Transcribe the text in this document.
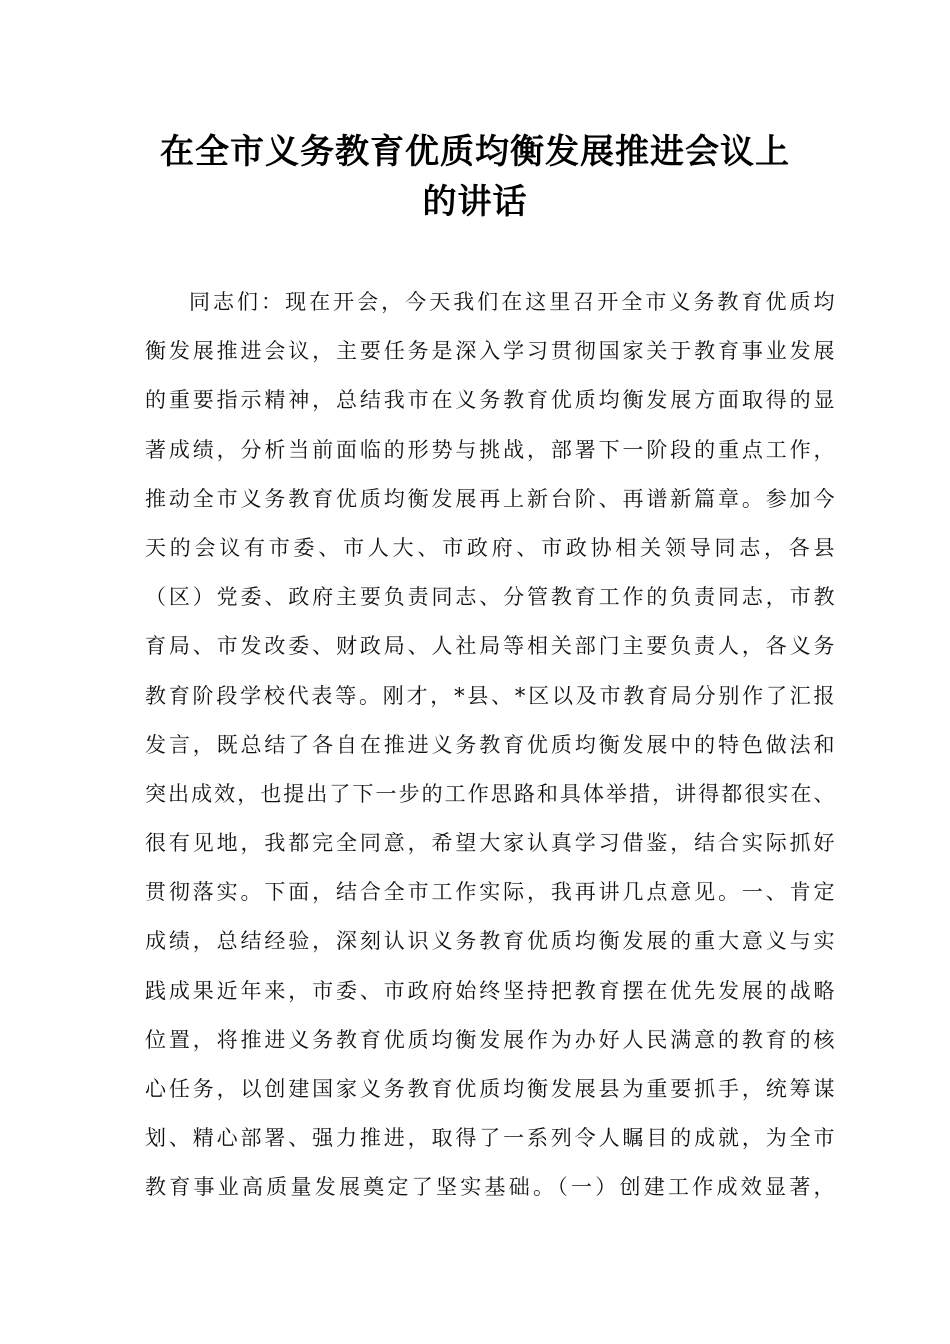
在全市义务教育优质均衡发展推进会议上
的讲话
同志们：现在开会，今天我们在这里召开全市义务教育优质均
衡发展推进会议，主要任务是深入学习贯彻国家关于教育事业发展
的重要指示精神，总结我市在义务教育优质均衡发展方面取得的显
著成绩，分析当前面临的形势与挑战，部署下一阶段的重点工作，
推动全市义务教育优质均衡发展再上新台阶、再谱新篇章。参加今
天的会议有市委、市人大、市政府、市政协相关领导同志，各县
（区）党委、政府主要负责同志、分管教育工作的负责同志，市教
育局、市发改委、财政局、人社局等相关部门主要负责人，各义务
教育阶段学校代表等。刚才，*县、*区以及市教育局分别作了汇报
发言，既总结了各自在推进义务教育优质均衡发展中的特色做法和
突出成效，也提出了下一步的工作思路和具体举措，讲得都很实在、
很有见地，我都完全同意，希望大家认真学习借鉴，结合实际抓好
贯彻落实。下面，结合全市工作实际，我再讲几点意见。一、肯定
成绩，总结经验，深刻认识义务教育优质均衡发展的重大意义与实
践成果近年来，市委、市政府始终坚持把教育摆在优先发展的战略
位置，将推进义务教育优质均衡发展作为办好人民满意的教育的核
心任务，以创建国家义务教育优质均衡发展县为重要抓手，统筹谋
划、精心部署、强力推进，取得了一系列令人瞩目的成就，为全市
教育事业高质量发展奠定了坚实基础。（一）创建工作成效显著，
